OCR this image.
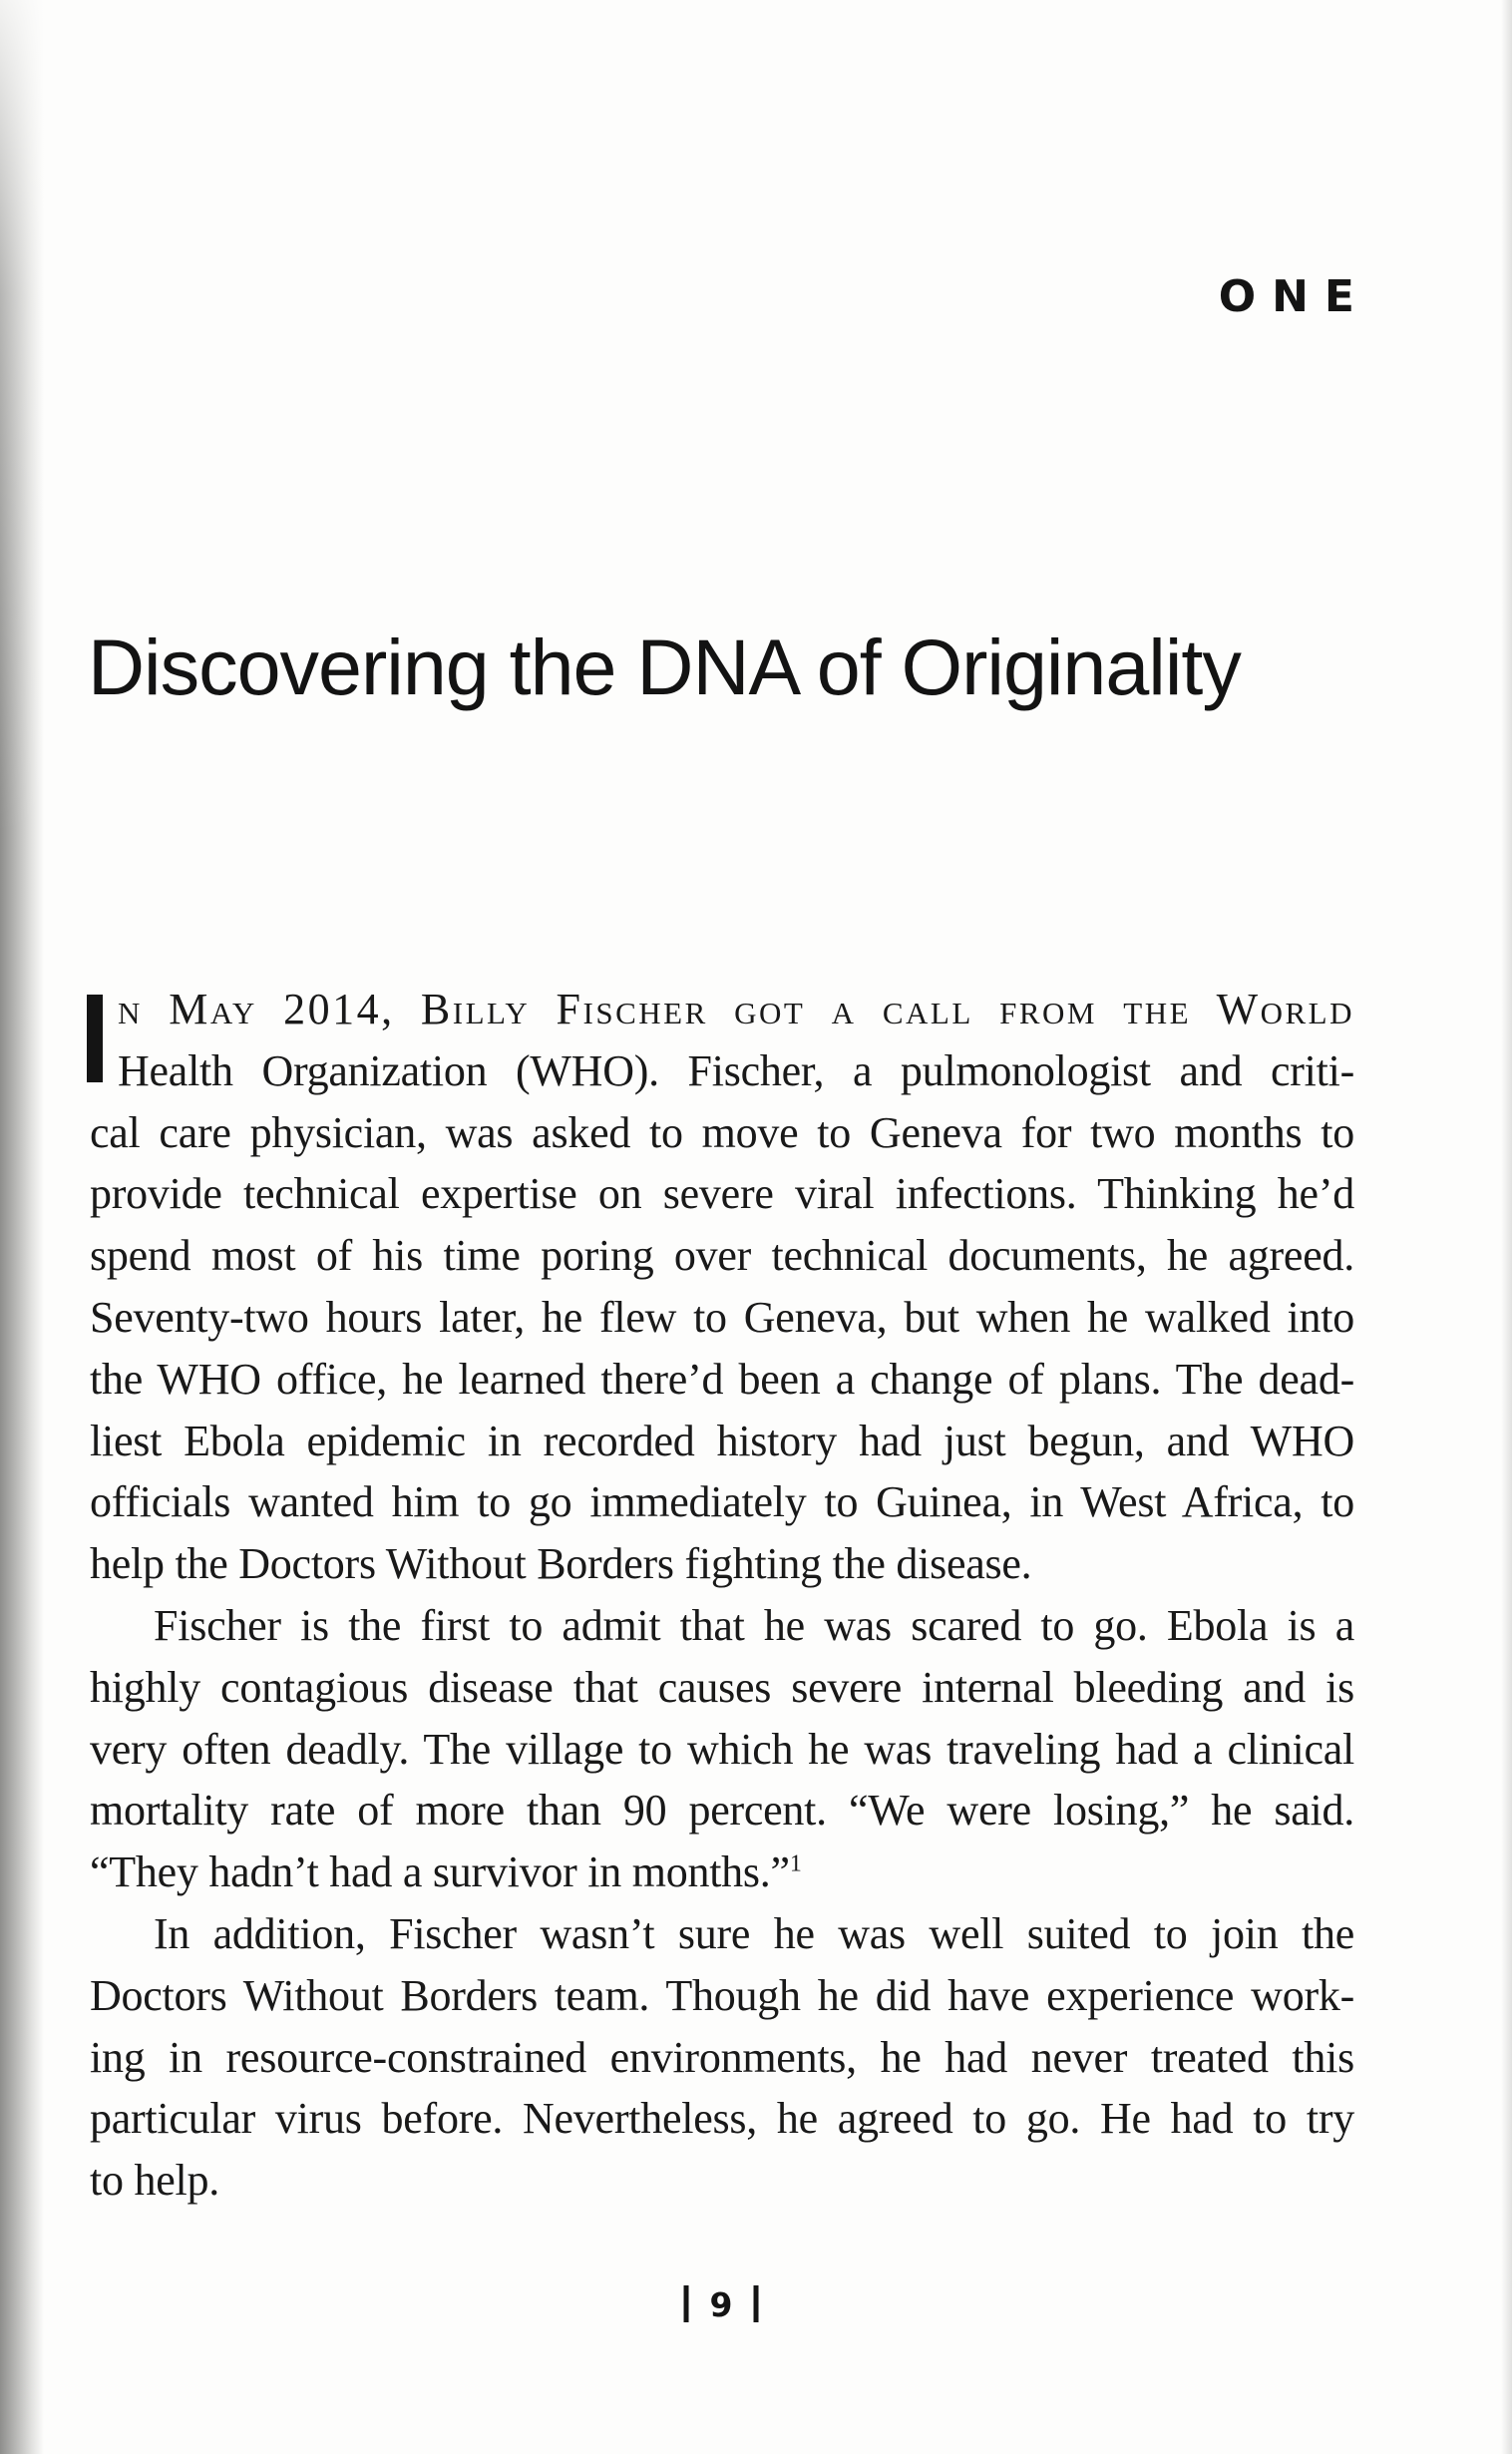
ONE
Discovering the DNA of Originality
n May 2014, Billy Fischer got a call from the World
Health Organization (WHO). Fischer, a pulmonologist and criti-
cal care physician, was asked to move to Geneva for two months to
provide technical expertise on severe viral infections. Thinking he’d
spend most of his time poring over technical documents, he agreed.
Seventy-two hours later, he flew to Geneva, but when he walked into
the WHO office, he learned there’d been a change of plans. The dead-
liest Ebola epidemic in recorded history had just begun, and WHO
officials wanted him to go immediately to Guinea, in West Africa, to
help the Doctors Without Borders fighting the disease.
Fischer is the first to admit that he was scared to go. Ebola is a
highly contagious disease that causes severe internal bleeding and is
very often deadly. The village to which he was traveling had a clinical
mortality rate of more than 90 percent. “We were losing,” he said.
“They hadn’t had a survivor in months.”$^1$
In addition, Fischer wasn’t sure he was well suited to join the
Doctors Without Borders team. Though he did have experience work-
ing in resource-constrained environments, he had never treated this
particular virus before. Nevertheless, he agreed to go. He had to try
to help.
9
